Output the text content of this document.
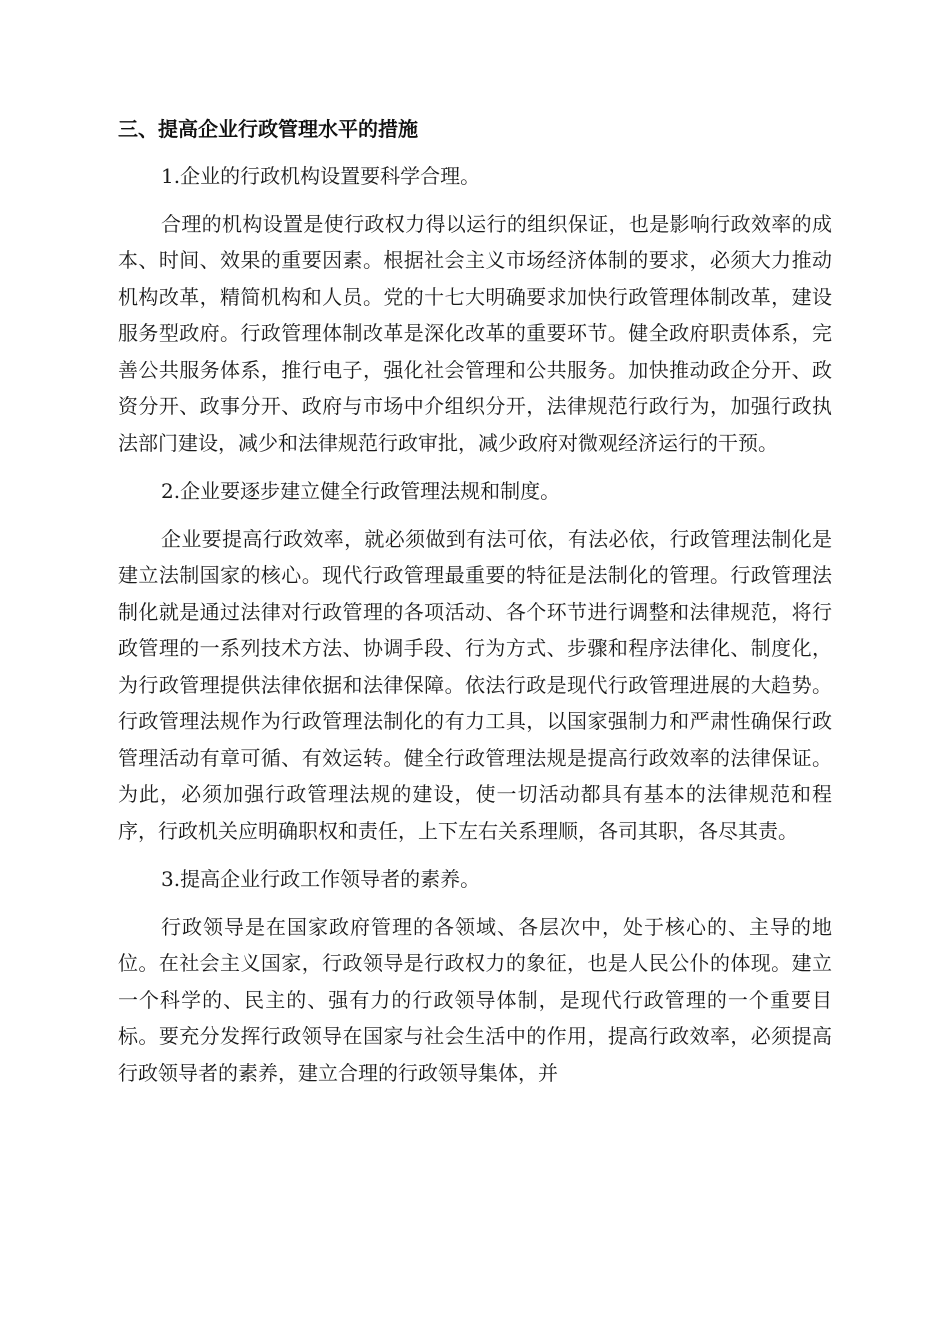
三、提高企业行政管理水平的措施

1.企业的行政机构设置要科学合理。

合理的机构设置是使行政权力得以运行的组织保证，也是影响行政效率的成本、时间、效果的重要因素。根据社会主义市场经济体制的要求，必须大力推动机构改革，精简机构和人员。党的十七大明确要求加快行政管理体制改革，建设服务型政府。行政管理体制改革是深化改革的重要环节。健全政府职责体系，完善公共服务体系，推行电子，强化社会管理和公共服务。加快推动政企分开、政资分开、政事分开、政府与市场中介组织分开，法律规范行政行为，加强行政执法部门建设，减少和法律规范行政审批，减少政府对微观经济运行的干预。

2.企业要逐步建立健全行政管理法规和制度。

企业要提高行政效率，就必须做到有法可依，有法必依，行政管理法制化是建立法制国家的核心。现代行政管理最重要的特征是法制化的管理。行政管理法制化就是通过法律对行政管理的各项活动、各个环节进行调整和法律规范，将行政管理的一系列技术方法、协调手段、行为方式、步骤和程序法律化、制度化，为行政管理提供法律依据和法律保障。依法行政是现代行政管理进展的大趋势。行政管理法规作为行政管理法制化的有力工具，以国家强制力和严肃性确保行政管理活动有章可循、有效运转。健全行政管理法规是提高行政效率的法律保证。为此，必须加强行政管理法规的建设，使一切活动都具有基本的法律规范和程序，行政机关应明确职权和责任，上下左右关系理顺，各司其职，各尽其责。

3.提高企业行政工作领导者的素养。

行政领导是在国家政府管理的各领域、各层次中，处于核心的、主导的地位。在社会主义国家，行政领导是行政权力的象征，也是人民公仆的体现。建立一个科学的、民主的、强有力的行政领导体制，是现代行政管理的一个重要目标。要充分发挥行政领导在国家与社会生活中的作用，提高行政效率，必须提高行政领导者的素养，建立合理的行政领导集体，并
